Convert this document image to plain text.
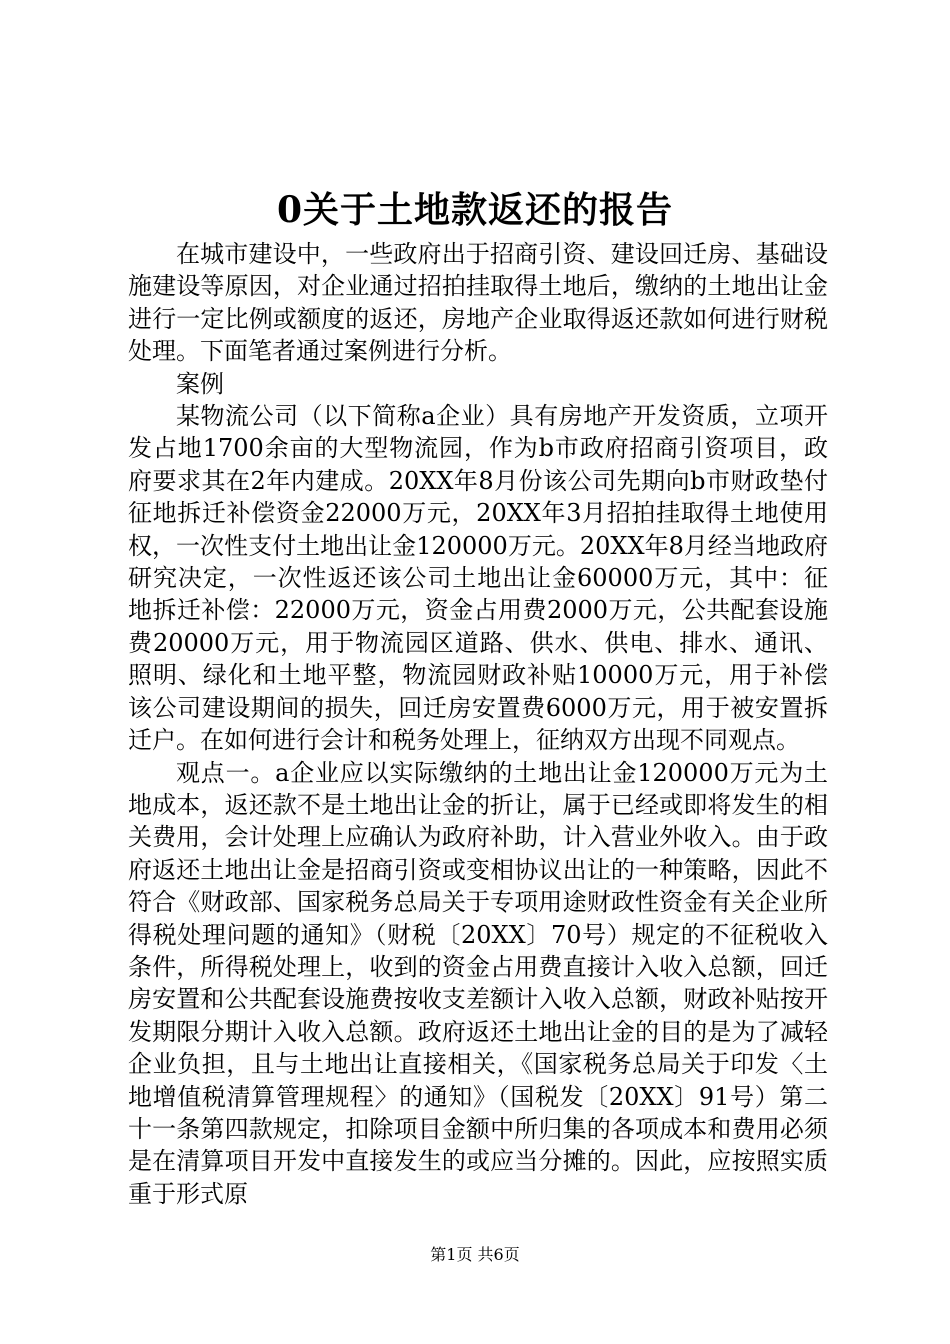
0关于土地款返还的报告

在城市建设中，一些政府出于招商引资、建设回迁房、基础设施建设等原因，对企业通过招拍挂取得土地后，缴纳的土地出让金进行一定比例或额度的返还，房地产企业取得返还款如何进行财税处理。下面笔者通过案例进行分析。

案例

某物流公司（以下简称a企业）具有房地产开发资质，立项开发占地1700余亩的大型物流园，作为b市政府招商引资项目，政府要求其在2年内建成。20XX年8月份该公司先期向b市财政垫付征地拆迁补偿资金22000万元，20XX年3月招拍挂取得土地使用权，一次性支付土地出让金120000万元。20XX年8月经当地政府研究决定，一次性返还该公司土地出让金60000万元，其中：征地拆迁补偿：22000万元，资金占用费2000万元，公共配套设施费20000万元，用于物流园区道路、供水、供电、排水、通讯、照明、绿化和土地平整，物流园财政补贴10000万元，用于补偿该公司建设期间的损失，回迁房安置费6000万元，用于被安置拆迁户。在如何进行会计和税务处理上，征纳双方出现不同观点。

观点一。a企业应以实际缴纳的土地出让金120000万元为土地成本，返还款不是土地出让金的折让，属于已经或即将发生的相关费用，会计处理上应确认为政府补助，计入营业外收入。由于政府返还土地出让金是招商引资或变相协议出让的一种策略，因此不符合《财政部、国家税务总局关于专项用途财政性资金有关企业所得税处理问题的通知》（财税〔20XX〕70号）规定的不征税收入条件，所得税处理上，收到的资金占用费直接计入收入总额，回迁房安置和公共配套设施费按收支差额计入收入总额，财政补贴按开发期限分期计入收入总额。政府返还土地出让金的目的是为了减轻企业负担，且与土地出让直接相关，《国家税务总局关于印发〈土地增值税清算管理规程〉的通知》（国税发〔20XX〕91号）第二十一条第四款规定，扣除项目金额中所归集的各项成本和费用必须是在清算项目开发中直接发生的或应当分摊的。因此，应按照实质重于形式原

第1页 共6页
